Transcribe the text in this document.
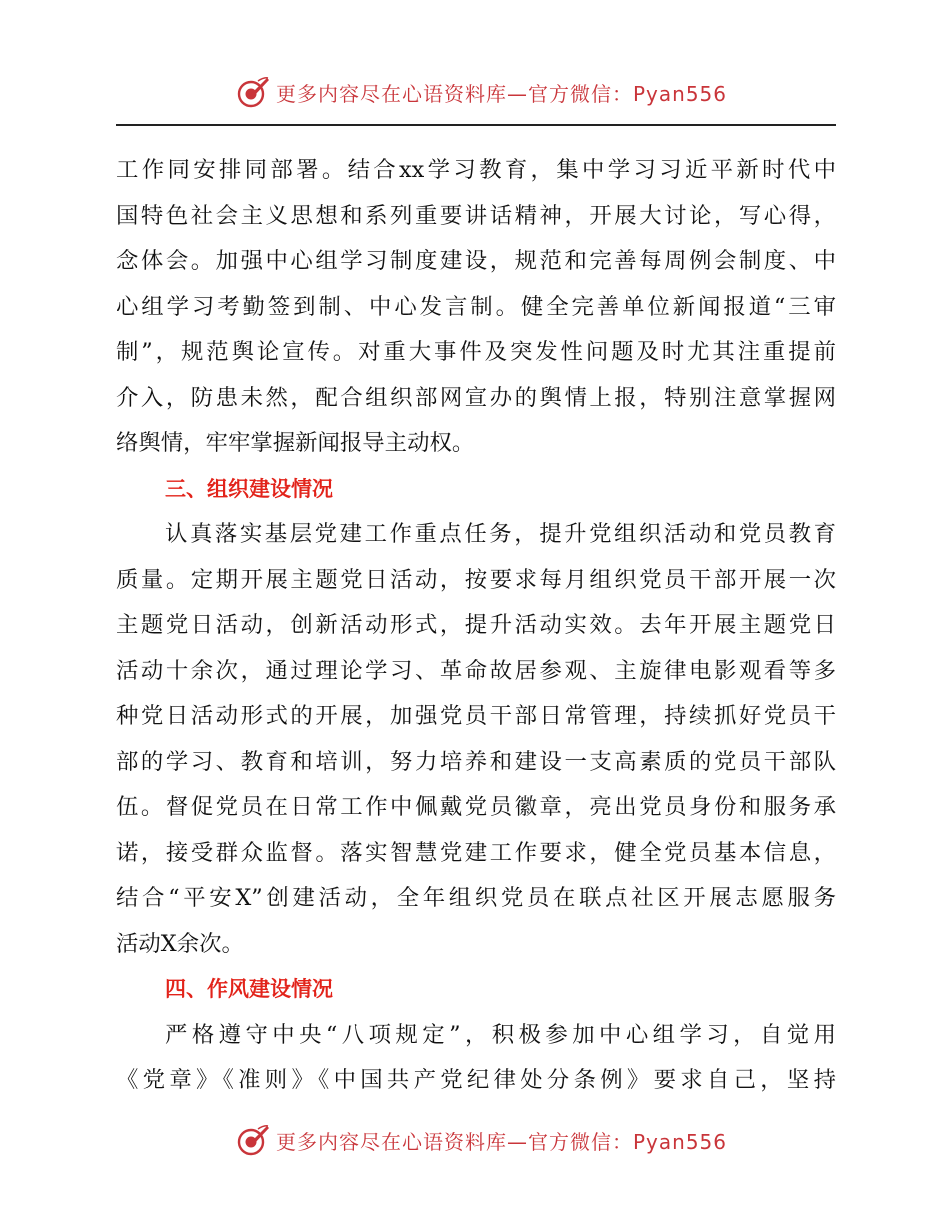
更多内容尽在心语资料库—官方微信：Pyan556
工作同安排同部署。结合xx学习教育，集中学习习近平新时代中
国特色社会主义思想和系列重要讲话精神，开展大讨论，写心得，
念体会。加强中心组学习制度建设，规范和完善每周例会制度、中
心组学习考勤签到制、中心发言制。健全完善单位新闻报道“三审
制”，规范舆论宣传。对重大事件及突发性问题及时尤其注重提前
介入，防患未然，配合组织部网宣办的舆情上报，特别注意掌握网
络舆情，牢牢掌握新闻报导主动权。
三、组织建设情况
认真落实基层党建工作重点任务，提升党组织活动和党员教育
质量。定期开展主题党日活动，按要求每月组织党员干部开展一次
主题党日活动，创新活动形式，提升活动实效。去年开展主题党日
活动十余次，通过理论学习、革命故居参观、主旋律电影观看等多
种党日活动形式的开展，加强党员干部日常管理，持续抓好党员干
部的学习、教育和培训，努力培养和建设一支高素质的党员干部队
伍。督促党员在日常工作中佩戴党员徽章，亮出党员身份和服务承
诺，接受群众监督。落实智慧党建工作要求，健全党员基本信息，
结合“平安X”创建活动，全年组织党员在联点社区开展志愿服务
活动X余次。
四、作风建设情况
严格遵守中央“八项规定”，积极参加中心组学习，自觉用
《党章》《准则》《中国共产党纪律处分条例》要求自己，坚持
更多内容尽在心语资料库—官方微信：Pyan556
